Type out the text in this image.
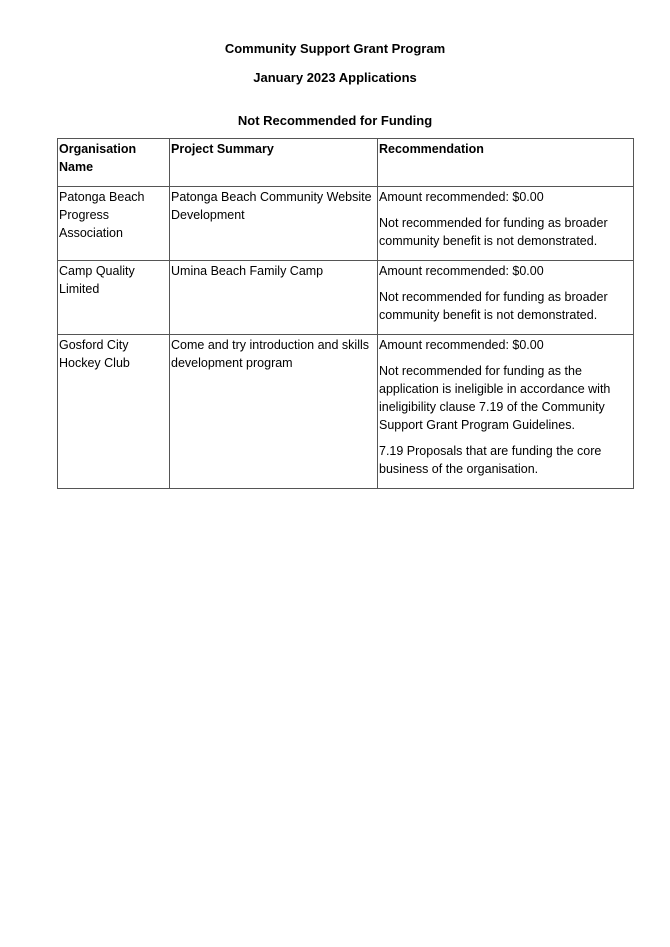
Community Support Grant Program
January 2023 Applications
Not Recommended for Funding
Organisation Name	Project Summary	Recommendation
Patonga Beach Progress Association	Patonga Beach Community Website Development	Amount recommended: $0.00

Not recommended for funding as broader community benefit is not demonstrated.

Camp Quality Limited	Umina Beach Family Camp	Amount recommended: $0.00

Not recommended for funding as broader community benefit is not demonstrated.

Gosford City Hockey Club	Come and try introduction and skills development program	Amount recommended: $0.00

Not recommended for funding as the application is ineligible in accordance with ineligibility clause 7.19 of the Community Support Grant Program Guidelines.

7.19 Proposals that are funding the core business of the organisation.
